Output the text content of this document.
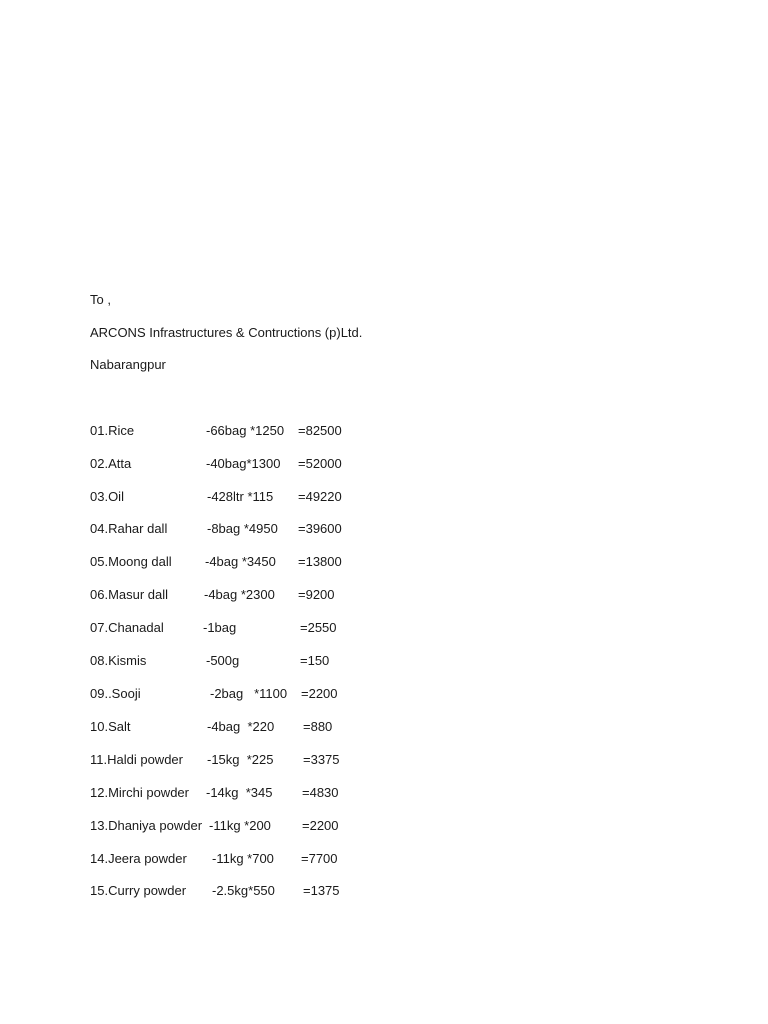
To ,
ARCONS Infrastructures & Contructions (p)Ltd.
Nabarangpur
01.Rice	-66bag *1250 =82500
02.Atta	-40bag*1300 =52000
03.Oil	-428ltr *115 =49220
04.Rahar dall	-8bag *4950 =39600
05.Moong dall	-4bag *3450 =13800
06.Masur dall	-4bag *2300 =9200
07.Chanadal	-1bag	=2550
08.Kismis	-500g	=150
09..Sooji	-2bag   *1100 =2200
10.Salt	-4bag  *220 =880
11.Haldi powder -15kg  *225 =3375
12.Mirchi powder -14kg  *345 =4830
13.Dhaniya powder -11kg *200 =2200
14.Jeera powder -11kg *700 =7700
15.Curry powder -2.5kg*550 =1375
